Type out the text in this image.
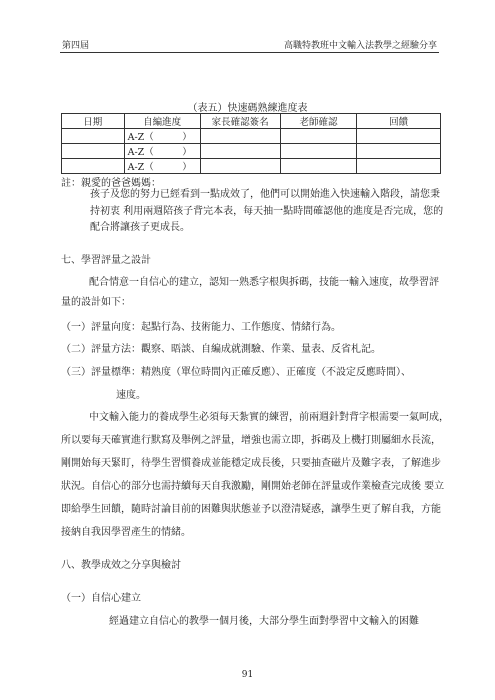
第四屆	高職特教班中文輸入法教學之經驗分享
（表五）快速碼熟練進度表
日期	自編進度	家長確認簽名	老師確認	回饋
	A-Z（　　　）			
	A-Z（　　　）			
	A-Z（　　　）			
註：親愛的爸爸媽媽：
孩子及您的努力已經看到一點成效了，他們可以開始進入快速輸入階段，請您秉持初衷 利用兩週陪孩子背完本表，每天抽一點時間確認他的進度是否完成，您的配合將讓孩子更成長。
七、學習評量之設計
配合情意一自信心的建立，認知一熟悉字根與拆碼，技能一輸入速度，故學習評量的設計如下：
（一）評量向度：起點行為、技術能力、工作態度、情緒行為。
（二）評量方法：觀察、晤談、自編成就測驗、作業、量表、反省札記。
（三）評量標準：精熟度（單位時間內正確反應）、正確度（不設定反應時間）、
速度。
中文輸入能力的養成學生必須每天紮實的練習，前兩週針對背字根需要一氣呵成，所以要每天確實進行默寫及舉例之評量，增強也需立即，拆碼及上機打則屬細水長流，剛開始每天緊盯，待學生習慣養成並能穩定成長後，只要抽查磁片及難字表，了解進步狀況。自信心的部分也需持續每天自我激勵，剛開始老師在評量或作業檢查完成後 要立即給學生回饋，隨時討論目前的困難與狀態並予以澄清疑惑，讓學生更了解自我，方能接納自我因學習產生的情緒。
八、教學成效之分享與檢討
（一）自信心建立
經過建立自信心的教學一個月後，大部分學生面對學習中文輸入的困難
91
